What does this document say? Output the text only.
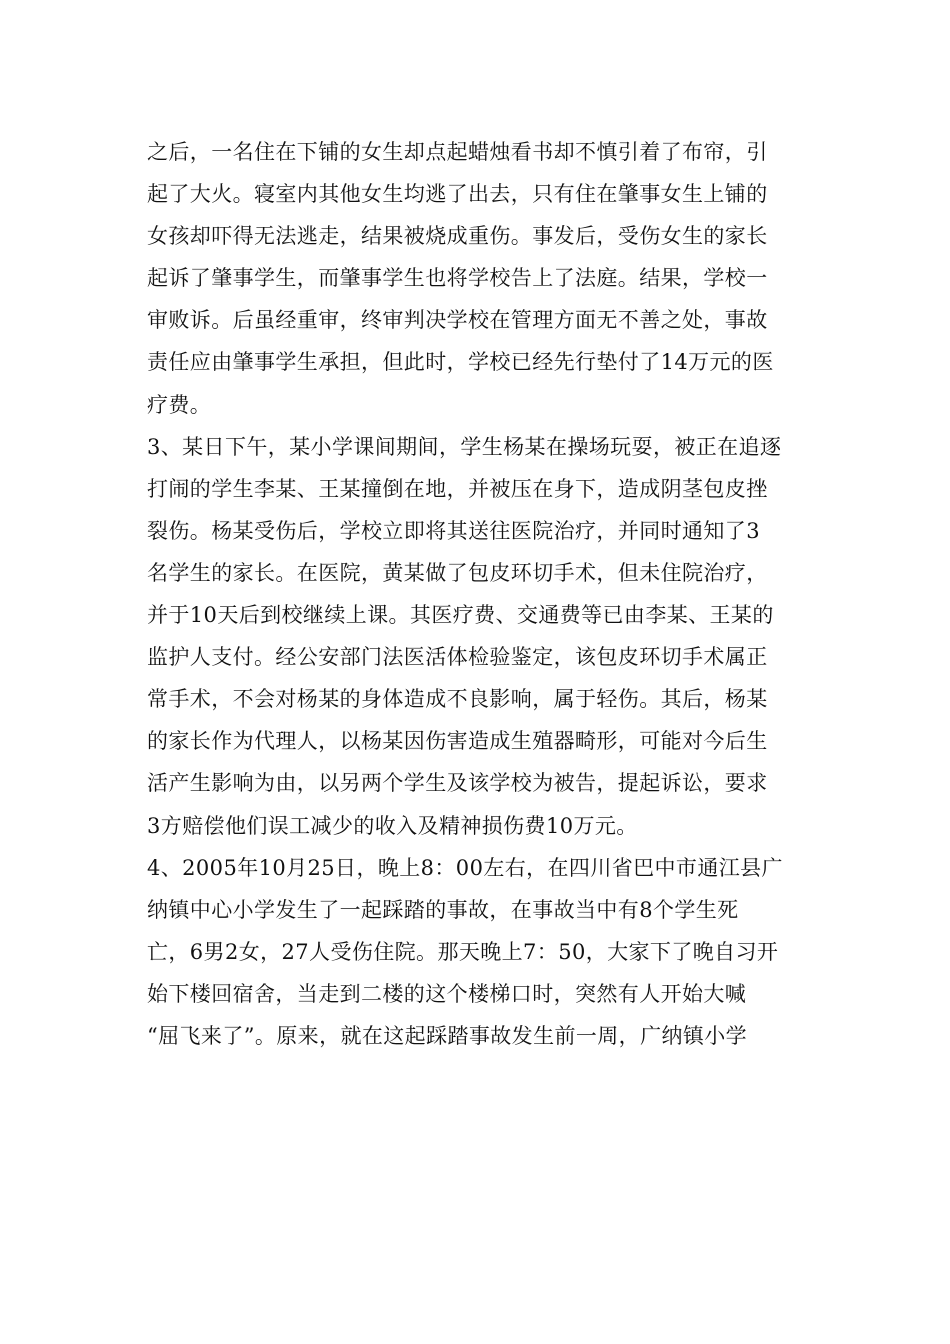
之后，一名住在下铺的女生却点起蜡烛看书却不慎引着了布帘，引
起了大火。寝室内其他女生均逃了出去，只有住在肇事女生上铺的
女孩却吓得无法逃走，结果被烧成重伤。事发后，受伤女生的家长
起诉了肇事学生，而肇事学生也将学校告上了法庭。结果，学校一
审败诉。后虽经重审，终审判决学校在管理方面无不善之处，事故
责任应由肇事学生承担，但此时，学校已经先行垫付了14万元的医
疗费。
3、某日下午，某小学课间期间，学生杨某在操场玩耍，被正在追逐
打闹的学生李某、王某撞倒在地，并被压在身下，造成阴茎包皮挫
裂伤。杨某受伤后，学校立即将其送往医院治疗，并同时通知了3
名学生的家长。在医院，黄某做了包皮环切手术，但未住院治疗，
并于10天后到校继续上课。其医疗费、交通费等已由李某、王某的
监护人支付。经公安部门法医活体检验鉴定，该包皮环切手术属正
常手术，不会对杨某的身体造成不良影响，属于轻伤。其后，杨某
的家长作为代理人，以杨某因伤害造成生殖器畸形，可能对今后生
活产生影响为由，以另两个学生及该学校为被告，提起诉讼，要求
3方赔偿他们误工减少的收入及精神损伤费10万元。
4、2005年10月25日，晚上8：00左右，在四川省巴中市通江县广
纳镇中心小学发生了一起踩踏的事故，在事故当中有8个学生死
亡，6男2女，27人受伤住院。那天晚上7：50，大家下了晚自习开
始下楼回宿舍，当走到二楼的这个楼梯口时，突然有人开始大喊
“屈飞来了”。原来，就在这起踩踏事故发生前一周，广纳镇小学
